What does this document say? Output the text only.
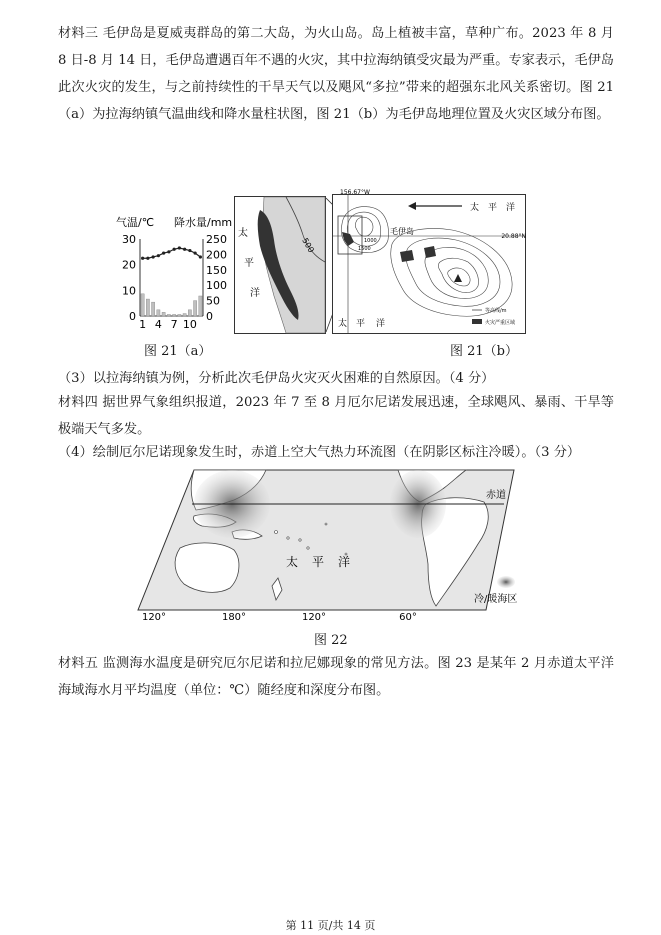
材料三 毛伊岛是夏威夷群岛的第二大岛，为火山岛。岛上植被丰富，草种广布。2023 年 8 月 8 日-8 月 14 日，毛伊岛遭遇百年不遇的火灾，其中拉海纳镇受灾最为严重。专家表示，毛伊岛此次火灾的发生，与之前持续性的干旱天气以及飓风“多拉”带来的超强东北风关系密切。图 21（a）为拉海纳镇气温曲线和降水量柱状图，图 21（b）为毛伊岛地理位置及火灾区域分布图。

气温/℃ 降水量/mm
30
20
10
0
250
200
150
100
50
0
1 4 7 10
500
太
平
洋
156.67°W
20.88°N
太 平 洋
太 平 洋
毛伊岛
1000
1500
等高线/m
火灾严重区域
图 21（a）	图 21（b）

（3）以拉海纳镇为例，分析此次毛伊岛火灾灭火困难的自然原因。（4 分）

材料四 据世界气象组织报道，2023 年 7 至 8 月厄尔尼诺发展迅速，全球飓风、暴雨、干旱等极端天气多发。

（4）绘制厄尔尼诺现象发生时，赤道上空大气热力环流图（在阴影区标注冷暖）。（3 分）

赤道
太 平 洋
冷/暖海区
120°	180°	120°	60°
图 22

材料五 监测海水温度是研究厄尔尼诺和拉尼娜现象的常见方法。图 23 是某年 2 月赤道太平洋海域海水月平均温度（单位：℃）随经度和深度分布图。

第 11 页/共 14 页
